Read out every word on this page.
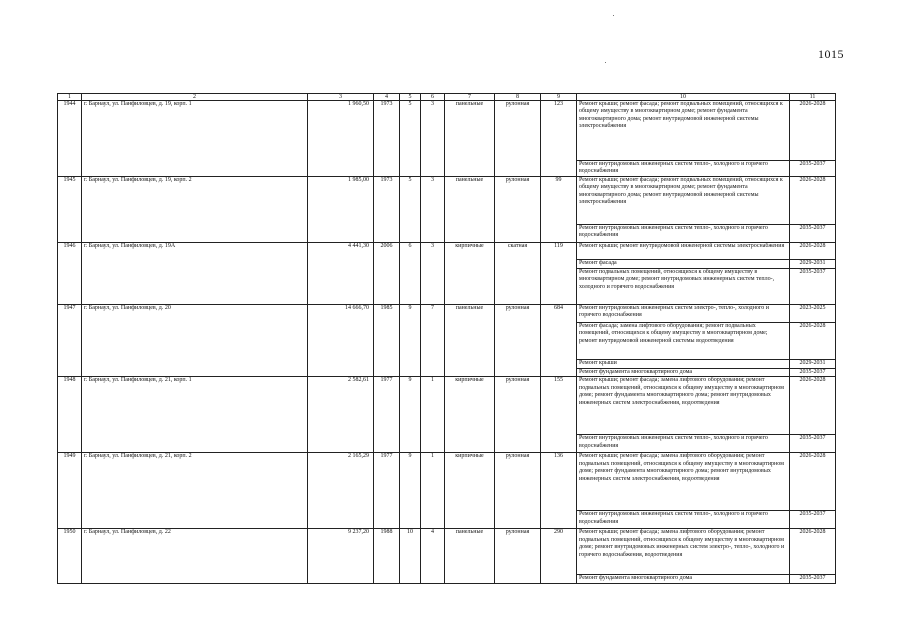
1015
1	2	3	4	5	6	7	8	9	10	11
1944	г. Барнаул, ул. Панфиловцев, д. 19, корп. 1	1 960,50	1973	5	3	панельные	рулонная	123	Ремонт крыши; ремонт фасада; ремонт подвальных помещений, относящихся к общему имуществу в многоквартирном доме; ремонт фундамента многоквартирного дома; ремонт внутридомовой инженерной системы электроснабжения	2026-2028
									Ремонт внутридомовых инженерных систем тепло-, холодного и горячего водоснабжения	2035-2037
1945	г. Барнаул, ул. Панфиловцев, д. 19, корп. 2	1 985,00	1973	5	3	панельные	рулонная	99	Ремонт крыши; ремонт фасада; ремонт подвальных помещений, относящихся к общему имуществу в многоквартирном доме; ремонт фундамента многоквартирного дома; ремонт внутридомовой инженерной системы электроснабжения	2026-2028
									Ремонт внутридомовых инженерных систем тепло-, холодного и горячего водоснабжения	2035-2037
1946	г. Барнаул, ул. Панфиловцев, д. 19А	4 441,30	2006	6	3	кирпичные	скатная	119	Ремонт крыши; ремонт внутридомовой инженерной системы электроснабжения	2026-2028
									Ремонт фасада	2029-2031
									Ремонт подвальных помещений, относящихся к общему имуществу в многоквартирном доме; ремонт внутридомовых инженерных систем тепло-, холодного и горячего водоснабжения	2035-2037
1947	г. Барнаул, ул. Панфиловцев, д. 20	14 666,70	1985	9	7	панельные	рулонная	684	Ремонт внутридомовых инженерных систем электро-, тепло-, холодного и горячего водоснабжения	2023-2025
									Ремонт фасада; замена лифтового оборудования; ремонт подвальных помещений, относящихся к общему имуществу в многоквартирном доме; ремонт внутридомовой инженерной системы водоотведения	2026-2028
									Ремонт крыши	2029-2031
									Ремонт фундамента многоквартирного дома	2035-2037
1948	г. Барнаул, ул. Панфиловцев, д. 21, корп. 1	2 582,61	1977	9	1	кирпичные	рулонная	155	Ремонт крыши; ремонт фасада; замена лифтового оборудования; ремонт подвальных помещений, относящихся к общему имуществу в многоквартирном доме; ремонт фундамента многоквартирного дома; ремонт внутридомовых инженерных систем электроснабжения, водоотведения	2026-2028
									Ремонт внутридомовых инженерных систем тепло-, холодного и горячего водоснабжения	2035-2037
1949	г. Барнаул, ул. Панфиловцев, д. 21, корп. 2	2 165,29	1977	9	1	кирпичные	рулонная	136	Ремонт крыши; ремонт фасада; замена лифтового оборудования; ремонт подвальных помещений, относящихся к общему имуществу в многоквартирном доме; ремонт фундамента многоквартирного дома; ремонт внутридомовых инженерных систем электроснабжения, водоотведения	2026-2028
									Ремонт внутридомовых инженерных систем тепло-, холодного и горячего водоснабжения	2035-2037
1950	г. Барнаул, ул. Панфиловцев, д. 22	9 237,20	1988	10	4	панельные	рулонная	290	Ремонт крыши; ремонт фасада; замена лифтового оборудования; ремонт подвальных помещений, относящихся к общему имуществу в многоквартирном доме; ремонт внутридомовых инженерных систем электро-, тепло-, холодного и горячего водоснабжения, водоотведения	2026-2028
									Ремонт фундамента многоквартирного дома	2035-2037
